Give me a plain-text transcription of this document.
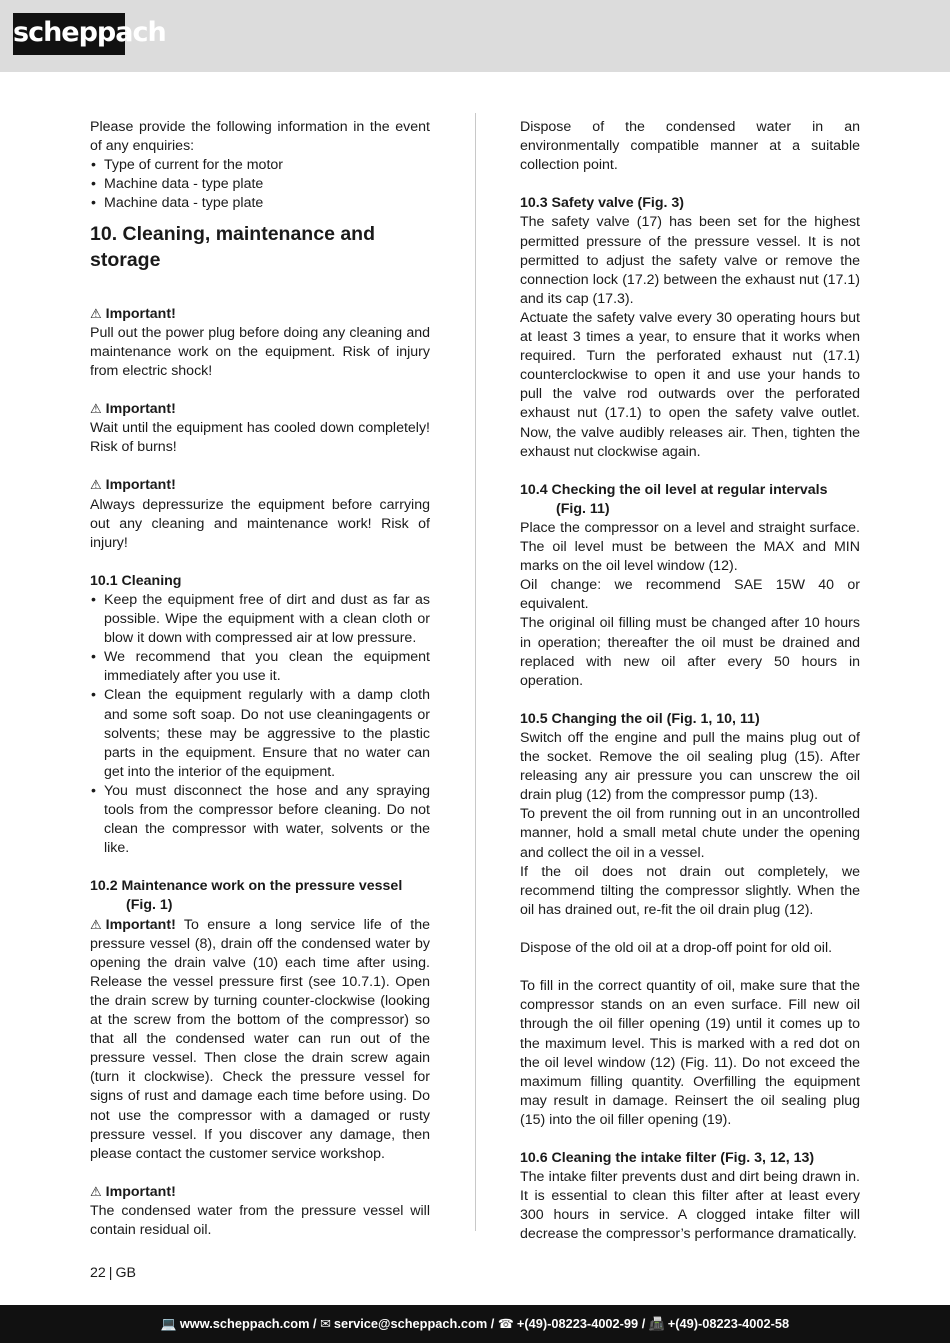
scheppach

Please provide the following information in the event of any enquiries:

• Type of current for the motor
• Machine data - type plate
• Machine data - type plate
10. Cleaning, maintenance and storage

⚠ Important!

Pull out the power plug before doing any cleaning and maintenance work on the equipment. Risk of injury from electric shock!

⚠ Important!

Wait until the equipment has cooled down completely! Risk of burns!

⚠ Important!

Always depressurize the equipment before carrying out any cleaning and maintenance work! Risk of injury!

10.1 Cleaning

• Keep the equipment free of dirt and dust as far as possible. Wipe the equipment with a clean cloth or blow it down with compressed air at low pressure.
• We recommend that you clean the equipment immediately after you use it.
• Clean the equipment regularly with a damp cloth and some soft soap. Do not use cleaningagents or solvents; these may be aggressive to the plastic parts in the equipment. Ensure that no water can get into the interior of the equipment.
• You must disconnect the hose and any spraying tools from the compressor before cleaning. Do not clean the compressor with water, solvents or the like.

10.2 Maintenance work on the pressure vessel
(Fig. 1)

⚠ Important! To ensure a long service life of the pressure vessel (8), drain off the condensed water by opening the drain valve (10) each time after using. Release the vessel pressure first (see 10.7.1). Open the drain screw by turning counter-clockwise (looking at the screw from the bottom of the compressor) so that all the condensed water can run out of the pressure vessel. Then close the drain screw again (turn it clockwise). Check the pressure vessel for signs of rust and damage each time before using. Do not use the compressor with a damaged or rusty pressure vessel. If you discover any damage, then please contact the customer service workshop.

⚠ Important!

The condensed water from the pressure vessel will contain residual oil.

Dispose of the condensed water in an environmentally compatible manner at a suitable collection point.

10.3 Safety valve (Fig. 3)

The safety valve (17) has been set for the highest permitted pressure of the pressure vessel. It is not permitted to adjust the safety valve or remove the connection lock (17.2) between the exhaust nut (17.1) and its cap (17.3).

Actuate the safety valve every 30 operating hours but at least 3 times a year, to ensure that it works when required. Turn the perforated exhaust nut (17.1) counterclockwise to open it and use your hands to pull the valve rod outwards over the perforated exhaust nut (17.1) to open the safety valve outlet. Now, the valve audibly releases air. Then, tighten the exhaust nut clockwise again.

10.4 Checking the oil level at regular intervals
(Fig. 11)

Place the compressor on a level and straight surface. The oil level must be between the MAX and MIN marks on the oil level window (12).

Oil change: we recommend SAE 15W 40 or equivalent.

The original oil filling must be changed after 10 hours in operation; thereafter the oil must be drained and replaced with new oil after every 50 hours in operation.

10.5 Changing the oil (Fig. 1, 10, 11)

Switch off the engine and pull the mains plug out of the socket. Remove the oil sealing plug (15). After releasing any air pressure you can unscrew the oil drain plug (12) from the compressor pump (13).

To prevent the oil from running out in an uncontrolled manner, hold a small metal chute under the opening and collect the oil in a vessel.

If the oil does not drain out completely, we recommend tilting the compressor slightly. When the oil has drained out, re-fit the oil drain plug (12).

Dispose of the old oil at a drop-off point for old oil.

To fill in the correct quantity of oil, make sure that the compressor stands on an even surface. Fill new oil through the oil filler opening (19) until it comes up to the maximum level. This is marked with a red dot on the oil level window (12) (Fig. 11). Do not exceed the maximum filling quantity. Overfilling the equipment may result in damage. Reinsert the oil sealing plug (15) into the oil filler opening (19).

10.6 Cleaning the intake filter (Fig. 3, 12, 13)

The intake filter prevents dust and dirt being drawn in. It is essential to clean this filter after at least every 300 hours in service. A clogged intake filter will decrease the compressor’s performance dramatically.

22 | GB
💻 www.scheppach.com / ✉ service@scheppach.com / ☎ +(49)-08223-4002-99 / 📠 +(49)-08223-4002-58
